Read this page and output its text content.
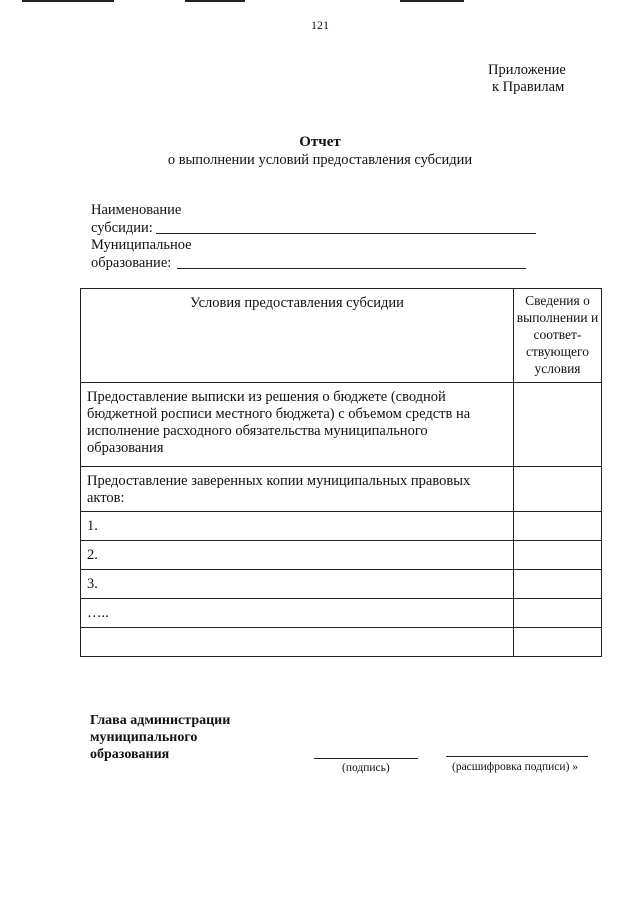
121
Приложение
к Правилам
Отчет
о выполнении условий предоставления субсидии
Наименование
субсидии:
Муниципальное
образование:
Условия предоставления субсидии	Сведения о выполнении и соответ-ствующего условия
Предоставление выписки из решения о бюджете (сводной бюджетной росписи местного бюджета) с объемом средств на исполнение расходного обязательства муниципального образования	
Предоставление заверенных копии муниципальных правовых актов:	
1.	
2.	
3.	
…..	

Глава администрации
муниципального
образования
(подпись)	(расшифровка подписи) »
